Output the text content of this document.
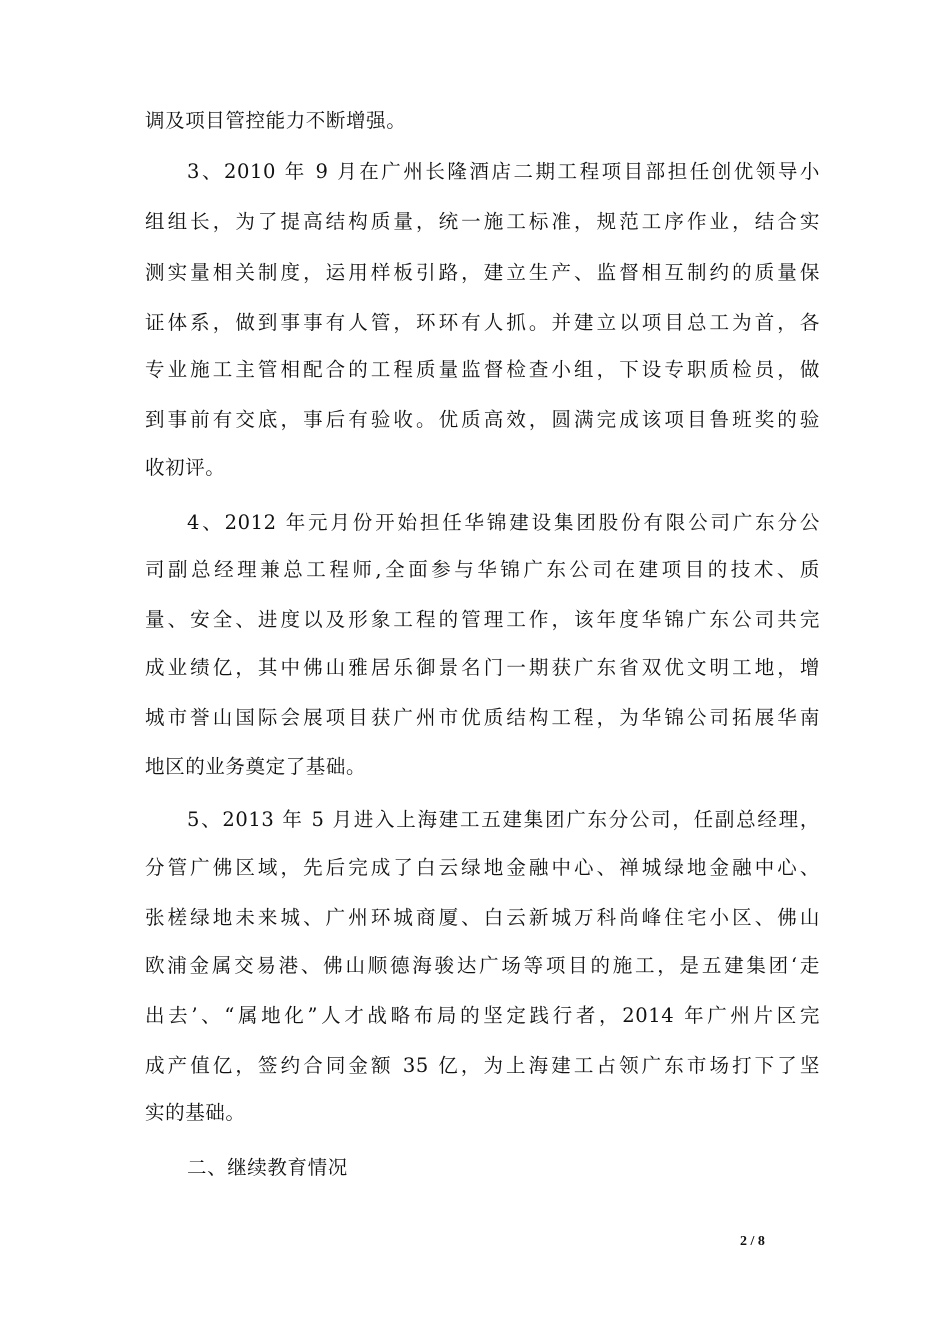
调及项目管控能力不断增强。
3、2010 年 9 月在广州长隆酒店二期工程项目部担任创优领导小
组组长，为了提高结构质量，统一施工标准，规范工序作业，结合实
测实量相关制度，运用样板引路，建立生产、监督相互制约的质量保
证体系，做到事事有人管，环环有人抓。并建立以项目总工为首，各
专业施工主管相配合的工程质量监督检查小组，下设专职质检员，做
到事前有交底，事后有验收。优质高效，圆满完成该项目鲁班奖的验
收初评。
4、2012 年元月份开始担任华锦建设集团股份有限公司广东分公
司副总经理兼总工程师,全面参与华锦广东公司在建项目的技术、质
量、安全、进度以及形象工程的管理工作，该年度华锦广东公司共完
成业绩亿，其中佛山雅居乐御景名门一期获广东省双优文明工地，增
城市誉山国际会展项目获广州市优质结构工程，为华锦公司拓展华南
地区的业务奠定了基础。
5、2013 年 5 月进入上海建工五建集团广东分公司，任副总经理，
分管广佛区域，先后完成了白云绿地金融中心、禅城绿地金融中心、
张槎绿地未来城、广州环城商厦、白云新城万科尚峰住宅小区、佛山
欧浦金属交易港、佛山顺德海骏达广场等项目的施工，是五建集团‘走
出去’、“属地化”人才战略布局的坚定践行者，2014 年广州片区完
成产值亿，签约合同金额 35 亿，为上海建工占领广东市场打下了坚
实的基础。
二、继续教育情况
2 / 8
